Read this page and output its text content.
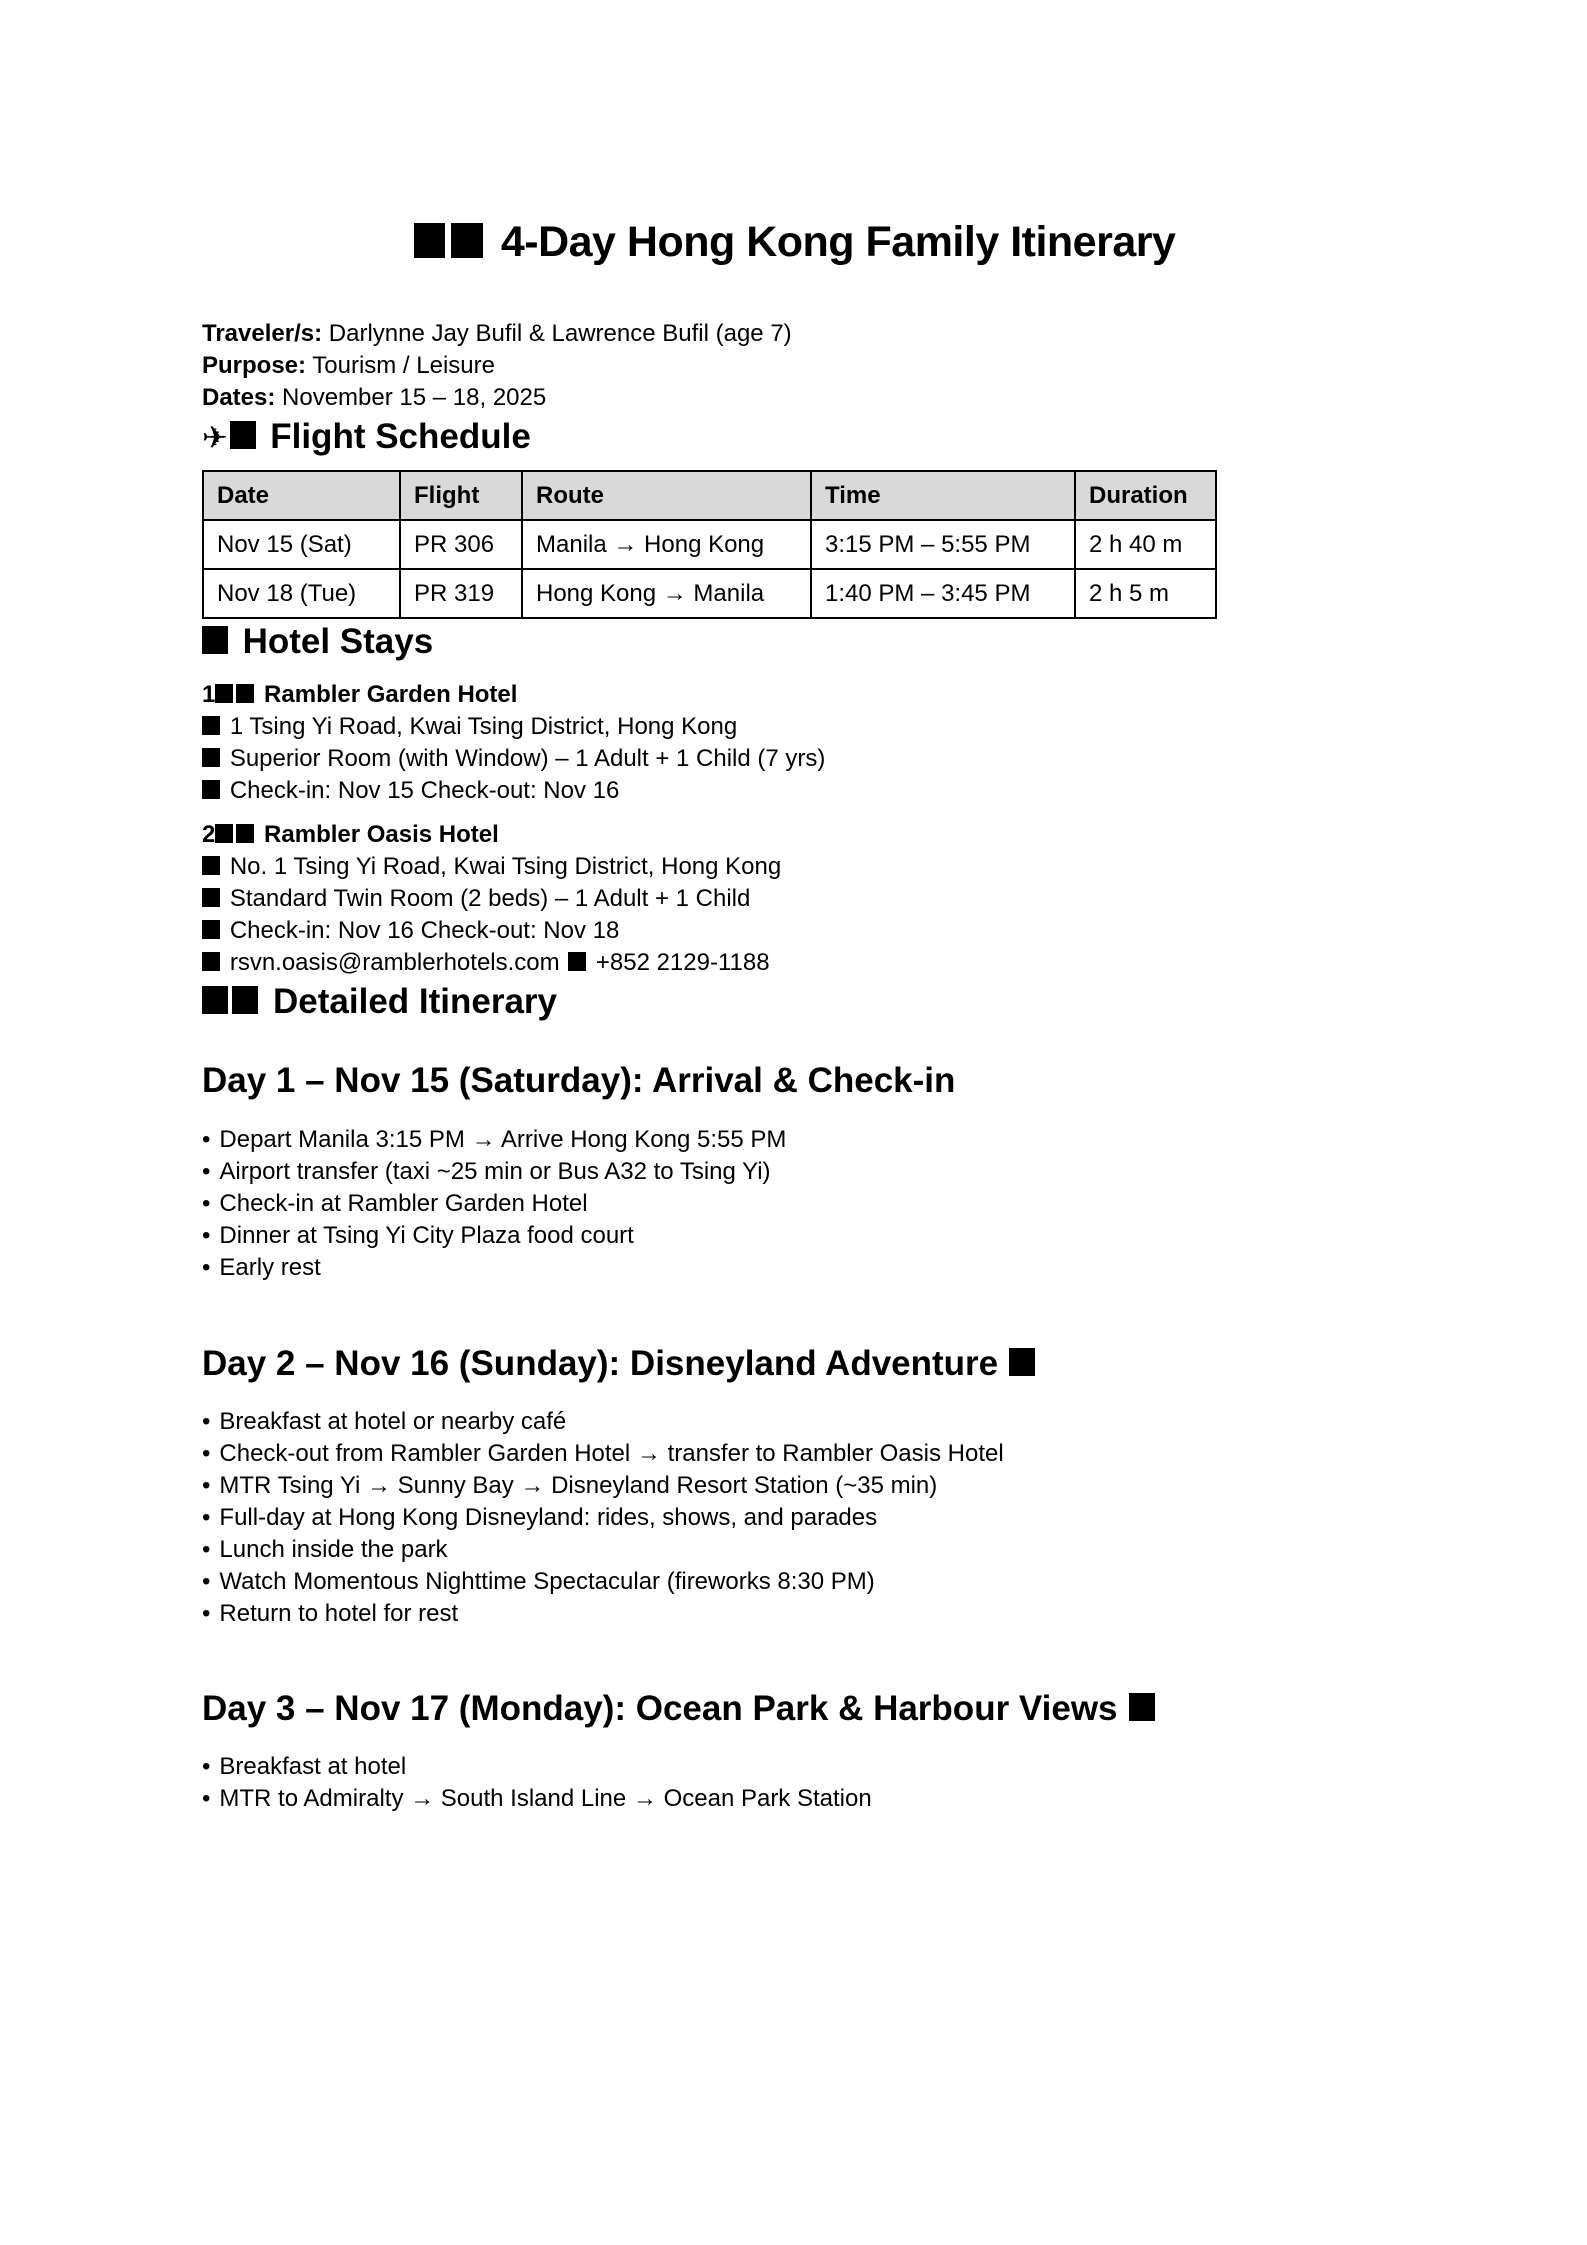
4-Day Hong Kong Family Itinerary
Traveler/s: Darlynne Jay Bufil & Lawrence Bufil (age 7)
Purpose: Tourism / Leisure
Dates: November 15 – 18, 2025
✈ Flight Schedule
Date	Flight	Route	Time	Duration
Nov 15 (Sat)	PR 306	Manila → Hong Kong	3:15 PM – 5:55 PM	2 h 40 m
Nov 18 (Tue)	PR 319	Hong Kong → Manila	1:40 PM – 3:45 PM	2 h 5 m
Hotel Stays
1 Rambler Garden Hotel
1 Tsing Yi Road, Kwai Tsing District, Hong Kong
Superior Room (with Window) – 1 Adult + 1 Child (7 yrs)
Check-in: Nov 15 Check-out: Nov 16
2 Rambler Oasis Hotel
No. 1 Tsing Yi Road, Kwai Tsing District, Hong Kong
Standard Twin Room (2 beds) – 1 Adult + 1 Child
Check-in: Nov 16 Check-out: Nov 18
rsvn.oasis@ramblerhotels.com +852 2129-1188
Detailed Itinerary
Day 1 – Nov 15 (Saturday): Arrival & Check-in
•Depart Manila 3:15 PM → Arrive Hong Kong 5:55 PM
•Airport transfer (taxi ~25 min or Bus A32 to Tsing Yi)
•Check-in at Rambler Garden Hotel
•Dinner at Tsing Yi City Plaza food court
•Early rest
Day 2 – Nov 16 (Sunday): Disneyland Adventure
•Breakfast at hotel or nearby café
•Check-out from Rambler Garden Hotel → transfer to Rambler Oasis Hotel
•MTR Tsing Yi → Sunny Bay → Disneyland Resort Station (~35 min)
•Full-day at Hong Kong Disneyland: rides, shows, and parades
•Lunch inside the park
•Watch Momentous Nighttime Spectacular (fireworks 8:30 PM)
•Return to hotel for rest
Day 3 – Nov 17 (Monday): Ocean Park & Harbour Views
•Breakfast at hotel
•MTR to Admiralty → South Island Line → Ocean Park Station
